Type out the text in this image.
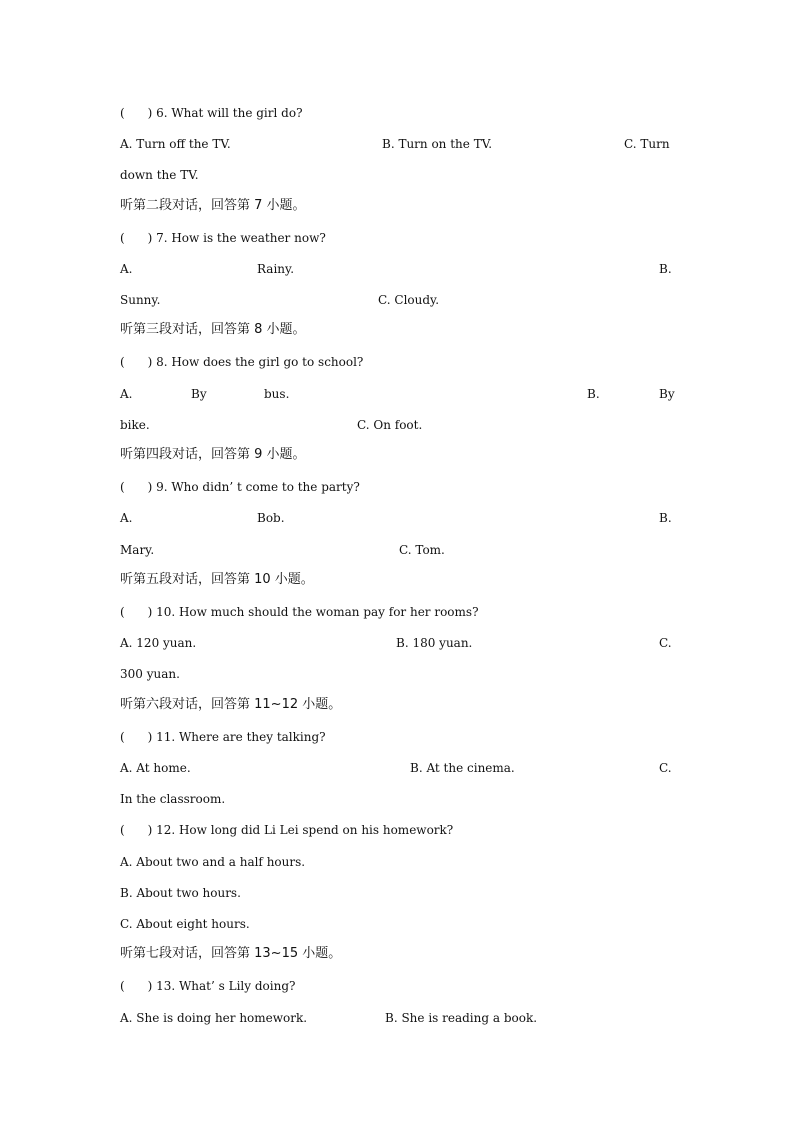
(      ) 6. What will the girl do?
A. Turn off the TV.	B. Turn on the TV.	C. Turn
down the TV.
听第二段对话，回答第 7 小题。
(      ) 7. How is the weather now?
A.	Rainy.	B.
Sunny.	C. Cloudy.
听第三段对话，回答第 8 小题。
(      ) 8. How does the girl go to school?
A.	By	bus.	B.	By
bike.	C. On foot.
听第四段对话，回答第 9 小题。
(      ) 9. Who didn’ t come to the party?
A.	Bob.	B.
Mary.	C. Tom.
听第五段对话，回答第 10 小题。
(      ) 10. How much should the woman pay for her rooms?
A. 120 yuan.	B. 180 yuan.	C.
300 yuan.
听第六段对话，回答第 11~12 小题。
(      ) 11. Where are they talking?
A. At home.	B. At the cinema.	C.
In the classroom.
(      ) 12. How long did Li Lei spend on his homework?
A. About two and a half hours.
B. About two hours.
C. About eight hours.
听第七段对话，回答第 13~15 小题。
(      ) 13. What’ s Lily doing?
A. She is doing her homework.	B. She is reading a book.
